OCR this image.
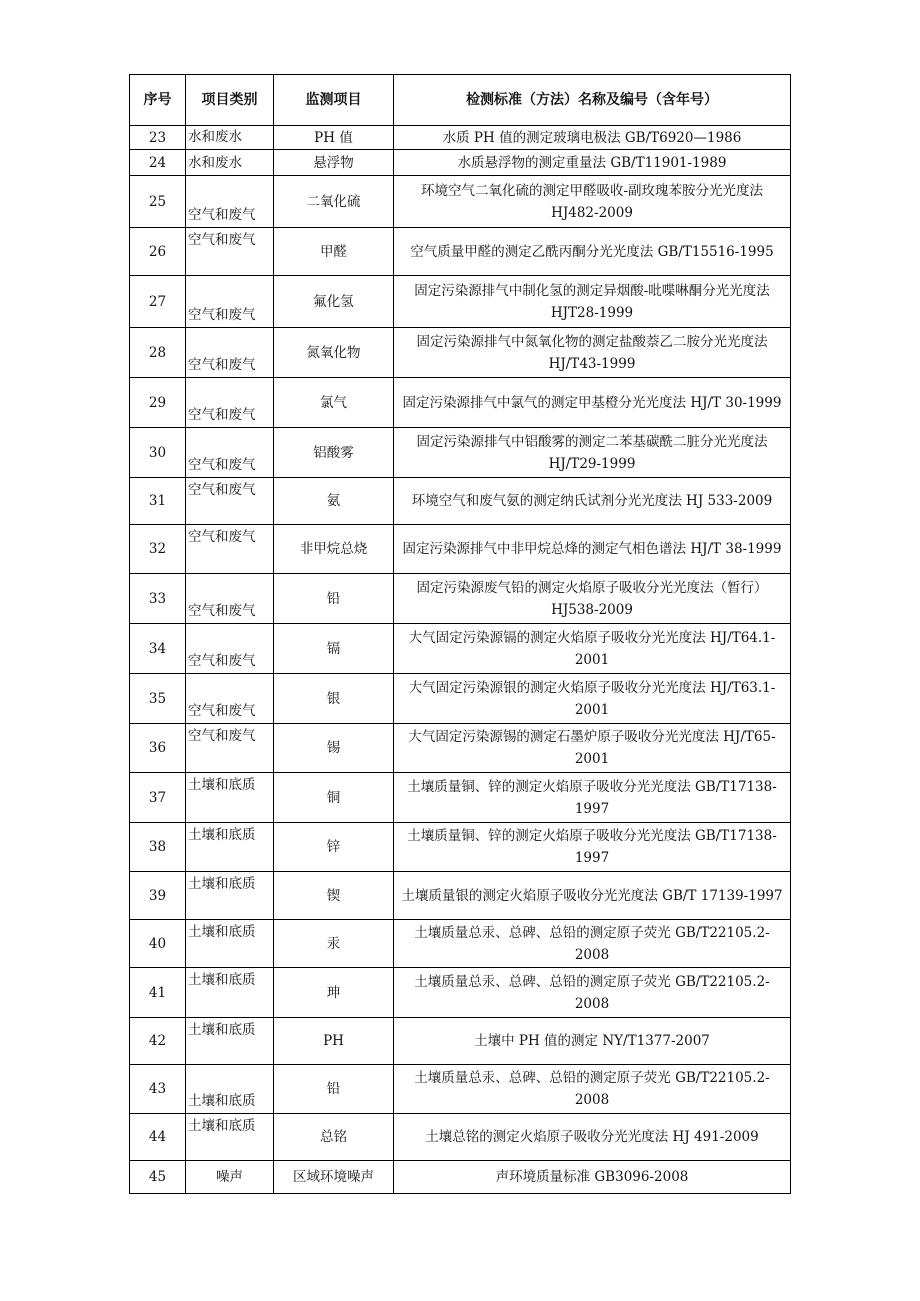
序号	项目类别	监测项目	检测标准（方法）名称及编号（含年号）
23	水和废水	PH 值	水质 PH 值的测定玻璃电极法 GB/T6920—1986
24	水和废水	悬浮物	水质悬浮物的测定重量法 GB/T11901-1989
25	空气和废气	二氧化硫	环境空气二氧化硫的测定甲醛吸收-副玫瑰苯胺分光光度法 HJ482-2009
26	空气和废气	甲醛	空气质量甲醛的测定乙酰丙酮分光光度法 GB/T15516-1995
27	空气和废气	氟化氢	固定污染源排气中制化氢的测定异烟酸-吡喋啉酮分光光度法 HJT28-1999
28	空气和废气	氮氧化物	固定污染源排气中氮氧化物的测定盐酸萘乙二胺分光光度法 HJ/T43-1999
29	空气和废气	氯气	固定污染源排气中氯气的测定甲基橙分光光度法 HJ/T 30-1999
30	空气和废气	铝酸雾	固定污染源排气中铝酸雾的测定二苯基碳酰二脏分光光度法 HJ/T29-1999
31	空气和废气	氨	环境空气和废气氨的测定纳氏试剂分光光度法 HJ 533-2009
32	空气和废气	非甲烷总烧	固定污染源排气中非甲烷总烽的测定气相色谱法 HJ/T 38-1999
33	空气和废气	铅	固定污染源废气铅的测定火焰原子吸收分光光度法（暂行）HJ538-2009
34	空气和废气	镉	大气固定污染源镉的测定火焰原子吸收分光光度法 HJ/T64.1-2001
35	空气和废气	银	大气固定污染源银的测定火焰原子吸收分光光度法 HJ/T63.1-2001
36	空气和废气	锡	大气固定污染源锡的测定石墨炉原子吸收分光光度法 HJ/T65-2001
37	土壤和底质	铜	土壤质量铜、锌的测定火焰原子吸收分光光度法 GB/T17138-1997
38	土壤和底质	锌	土壤质量铜、锌的测定火焰原子吸收分光光度法 GB/T17138-1997
39	土壤和底质	锲	土壤质量银的测定火焰原子吸收分光光度法 GB/T 17139-1997
40	土壤和底质	汞	土壤质量总汞、总碑、总铅的测定原子荧光 GB/T22105.2-2008
41	土壤和底质	珅	土壤质量总汞、总碑、总铅的测定原子荧光 GB/T22105.2-2008
42	土壤和底质	PH	土壤中 PH 值的测定 NY/T1377-2007
43	土壤和底质	铅	土壤质量总汞、总碑、总铅的测定原子荧光 GB/T22105.2-2008
44	土壤和底质	总铭	土壤总铭的测定火焰原子吸收分光光度法 HJ 491-2009
45	噪声	区域环境噪声	声环境质量标准 GB3096-2008
